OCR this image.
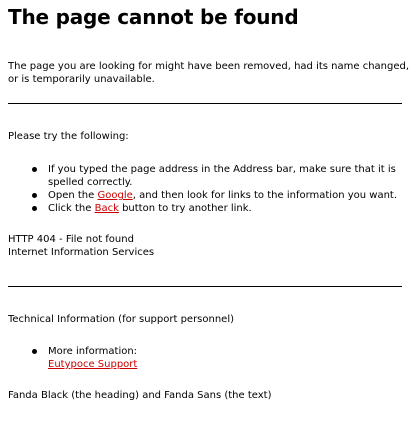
The page cannot be found
The page you are looking for might have been removed, had its name changed,
or is temporarily unavailable.
Please try the following:
If you typed the page address in the Address bar, make sure that it is
spelled correctly.
Open the Google, and then look for links to the information you want.
Click the Back button to try another link.
HTTP 404 - File not found
Internet Information Services
Technical Information (for support personnel)
More information:
Eutypoce Support
Fanda Black (the heading) and Fanda Sans (the text)
